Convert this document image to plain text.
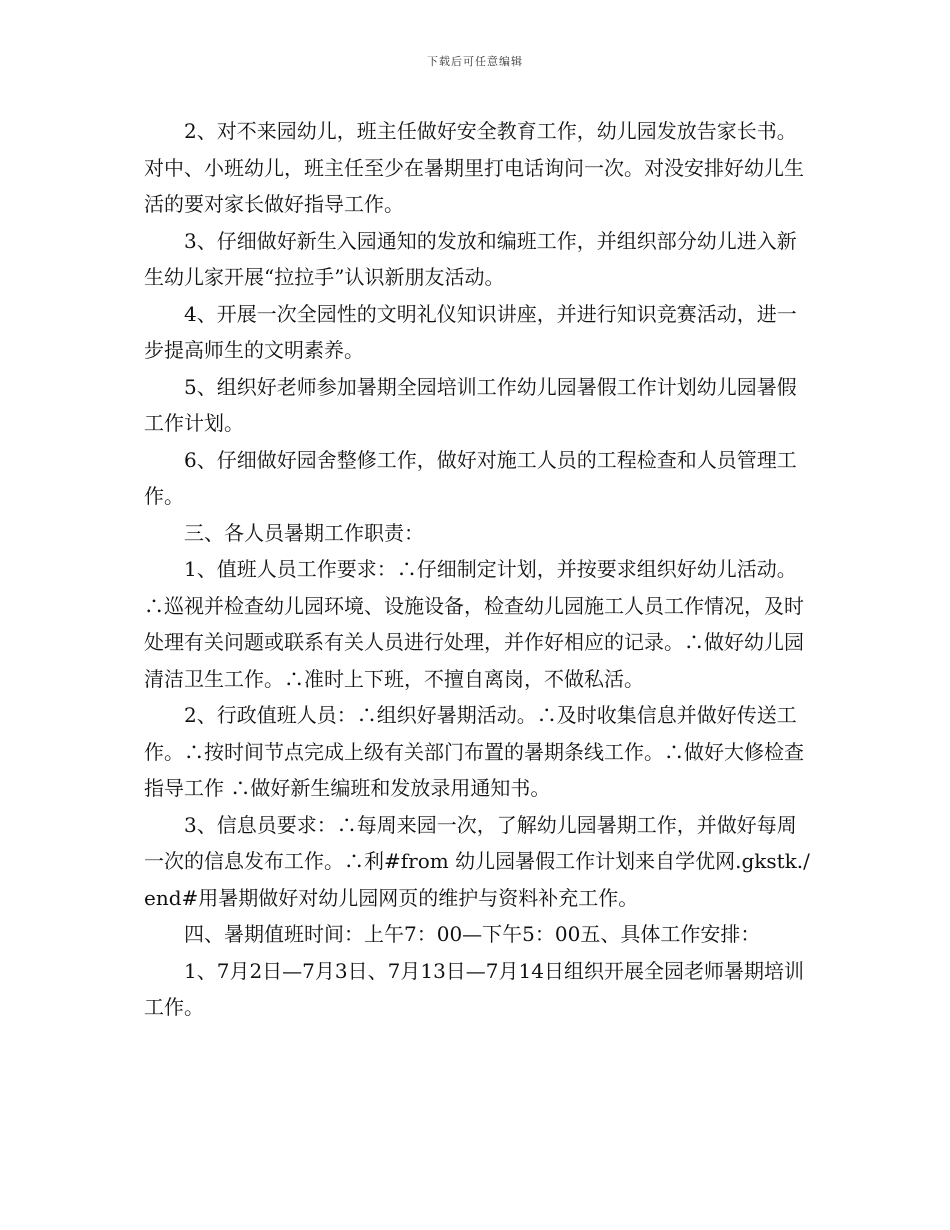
下载后可任意编辑

2、对不来园幼儿，班主任做好安全教育工作，幼儿园发放告家长书。对中、小班幼儿，班主任至少在暑期里打电话询问一次。对没安排好幼儿生活的要对家长做好指导工作。

3、仔细做好新生入园通知的发放和编班工作，并组织部分幼儿进入新生幼儿家开展“拉拉手”认识新朋友活动。

4、开展一次全园性的文明礼仪知识讲座，并进行知识竞赛活动，进一步提高师生的文明素养。

5、组织好老师参加暑期全园培训工作幼儿园暑假工作计划幼儿园暑假工作计划。

6、仔细做好园舍整修工作，做好对施工人员的工程检查和人员管理工作。

三、各人员暑期工作职责：

1、值班人员工作要求：∴仔细制定计划，并按要求组织好幼儿活动。∴巡视并检查幼儿园环境、设施设备，检查幼儿园施工人员工作情况，及时处理有关问题或联系有关人员进行处理，并作好相应的记录。∴做好幼儿园清洁卫生工作。∴准时上下班，不擅自离岗，不做私活。

2、行政值班人员：∴组织好暑期活动。∴及时收集信息并做好传送工作。∴按时间节点完成上级有关部门布置的暑期条线工作。∴做好大修检查指导工作 ∴做好新生编班和发放录用通知书。

3、信息员要求：∴每周来园一次，了解幼儿园暑期工作，并做好每周一次的信息发布工作。∴利#from 幼儿园暑假工作计划来自学优网.gkstk./ end#用暑期做好对幼儿园网页的维护与资料补充工作。

四、暑期值班时间：上午7：00—下午5：00五、具体工作安排：

1、7月2日—7月3日、7月13日—7月14日组织开展全园老师暑期培训工作。
